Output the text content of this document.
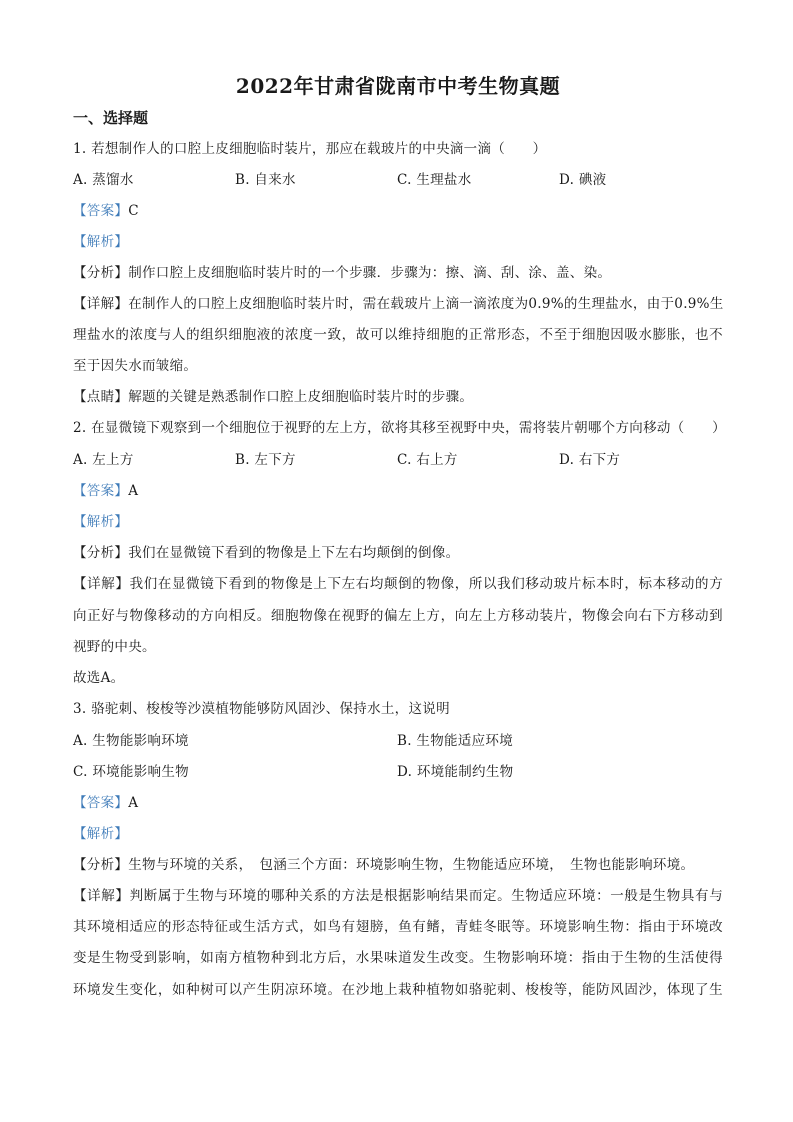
2022年甘肃省陇南市中考生物真题
一、选择题
1. 若想制作人的口腔上皮细胞临时装片，那应在载玻片的中央滴一滴（　　）
A. 蒸馏水	B. 自来水	C. 生理盐水	D. 碘液
【答案】C
【解析】
【分析】制作口腔上皮细胞临时装片时的一个步骤．步骤为：擦、滴、刮、涂、盖、染。
【详解】在制作人的口腔上皮细胞临时装片时，需在载玻片上滴一滴浓度为0.9%的生理盐水，由于0.9%生
理盐水的浓度与人的组织细胞液的浓度一致，故可以维持细胞的正常形态，不至于细胞因吸水膨胀，也不
至于因失水而皱缩。
【点睛】解题的关键是熟悉制作口腔上皮细胞临时装片时的步骤。
2. 在显微镜下观察到一个细胞位于视野的左上方，欲将其移至视野中央，需将装片朝哪个方向移动（　　）
A. 左上方	B. 左下方	C. 右上方	D. 右下方
【答案】A
【解析】
【分析】我们在显微镜下看到的物像是上下左右均颠倒的倒像。
【详解】我们在显微镜下看到的物像是上下左右均颠倒的物像，所以我们移动玻片标本时，标本移动的方
向正好与物像移动的方向相反。细胞物像在视野的偏左上方，向左上方移动装片，物像会向右下方移动到
视野的中央。
故选A。
3. 骆驼刺、梭梭等沙漠植物能够防风固沙、保持水土，这说明
A. 生物能影响环境	B. 生物能适应环境
C. 环境能影响生物	D. 环境能制约生物
【答案】A
【解析】
【分析】生物与环境的关系，　包涵三个方面：环境影响生物，生物能适应环境，　生物也能影响环境。
【详解】判断属于生物与环境的哪种关系的方法是根据影响结果而定。生物适应环境：一般是生物具有与
其环境相适应的形态特征或生活方式，如鸟有翅膀，鱼有鳍，青蛙冬眠等。环境影响生物：指由于环境改
变是生物受到影响，如南方植物种到北方后，水果味道发生改变。生物影响环境：指由于生物的生活使得
环境发生变化，如种树可以产生阴凉环境。在沙地上栽种植物如骆驼刺、梭梭等，能防风固沙，体现了生
